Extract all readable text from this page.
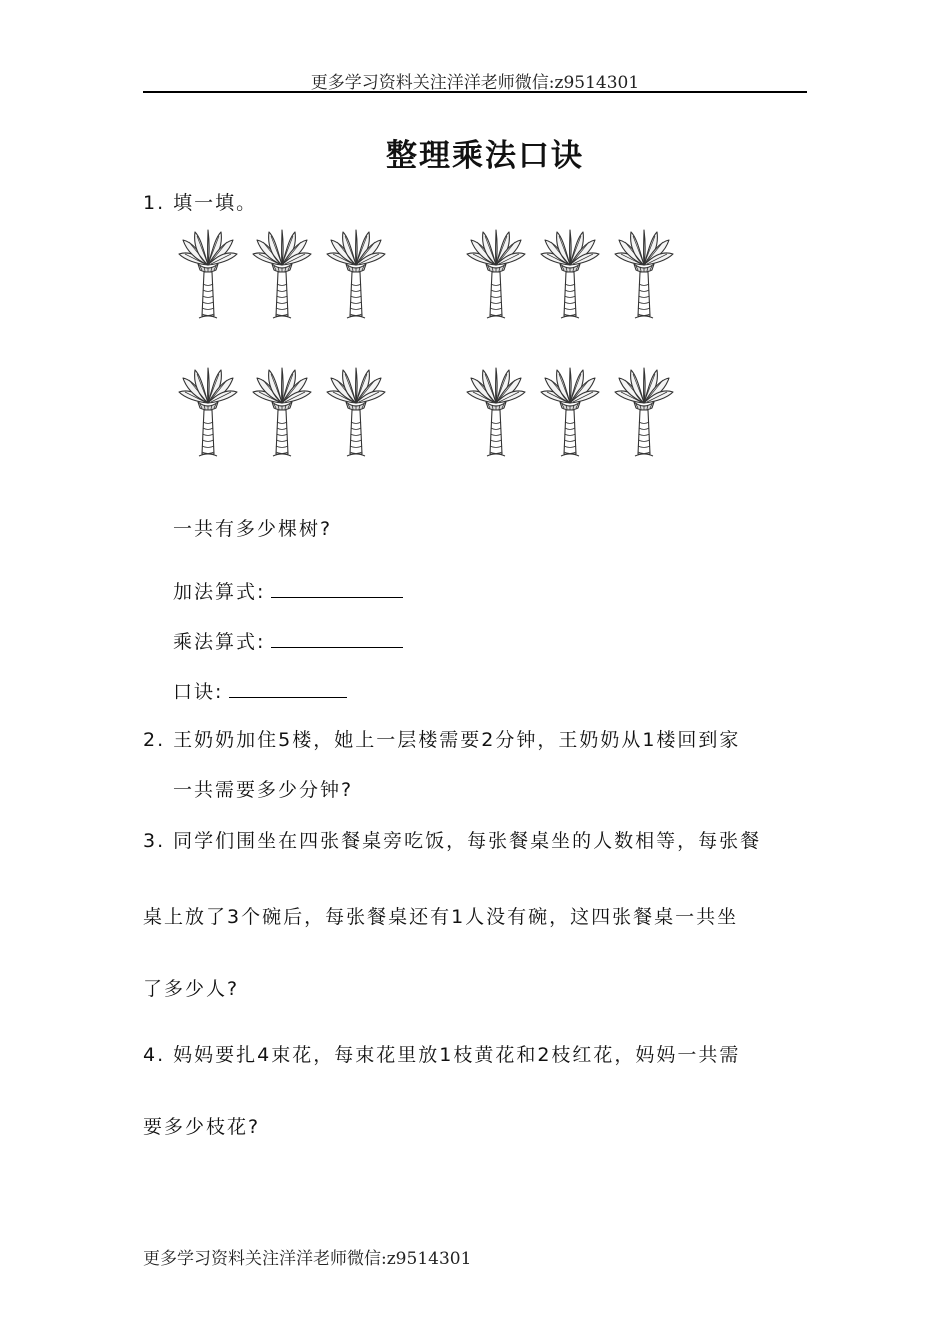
更多学习资料关注洋洋老师微信:z9514301
整理乘法口诀
1. 填一填。
一共有多少棵树?
加法算式:
乘法算式:
口诀:
2. 王奶奶加住5楼，她上一层楼需要2分钟，王奶奶从1楼回到家
一共需要多少分钟?
3. 同学们围坐在四张餐桌旁吃饭，每张餐桌坐的人数相等，每张餐
桌上放了3个碗后，每张餐桌还有1人没有碗，这四张餐桌一共坐
了多少人?
4. 妈妈要扎4束花，每束花里放1枝黄花和2枝红花，妈妈一共需
要多少枝花?
更多学习资料关注洋洋老师微信:z9514301
